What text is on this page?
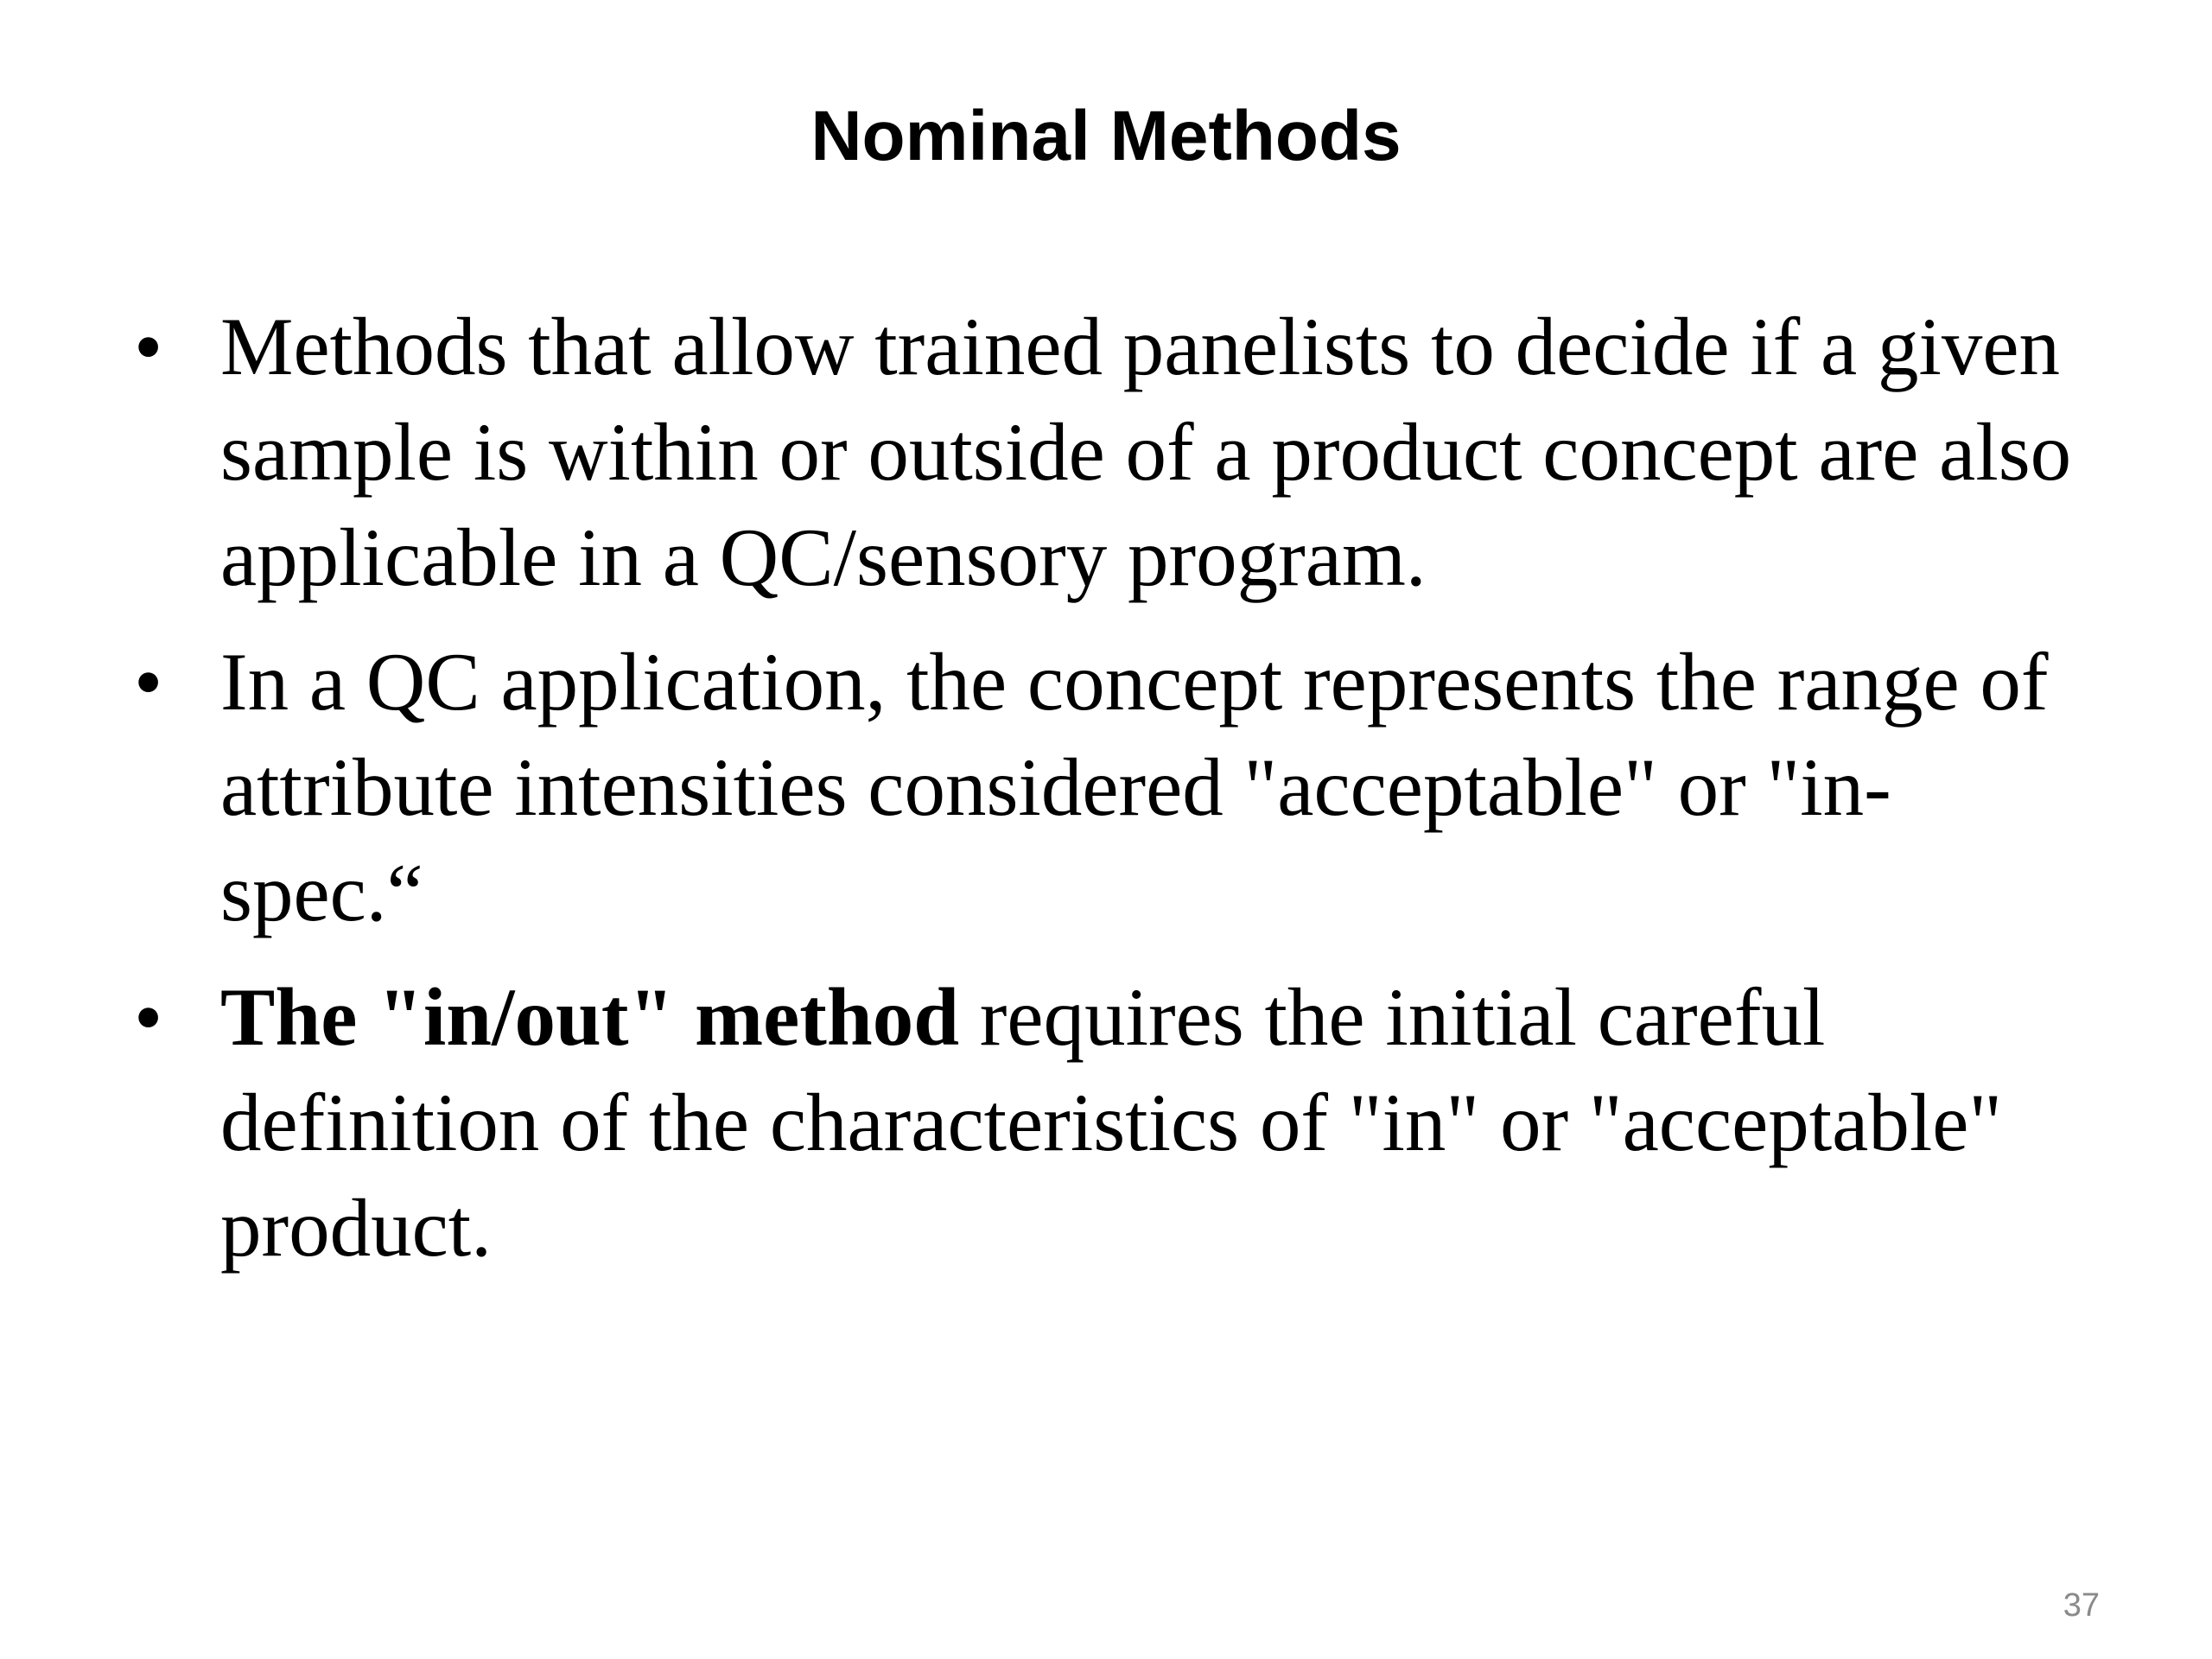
Nominal Methods
• Methods that allow trained panelists to decide if a given sample is within or outside of a product concept are also applicable in a QC/sensory program.
• In a QC application, the concept represents the range of attribute intensities considered "acceptable" or "in-spec.“
• The "in/out" method requires the initial careful definition of the characteristics of "in" or "acceptable" product.
37
